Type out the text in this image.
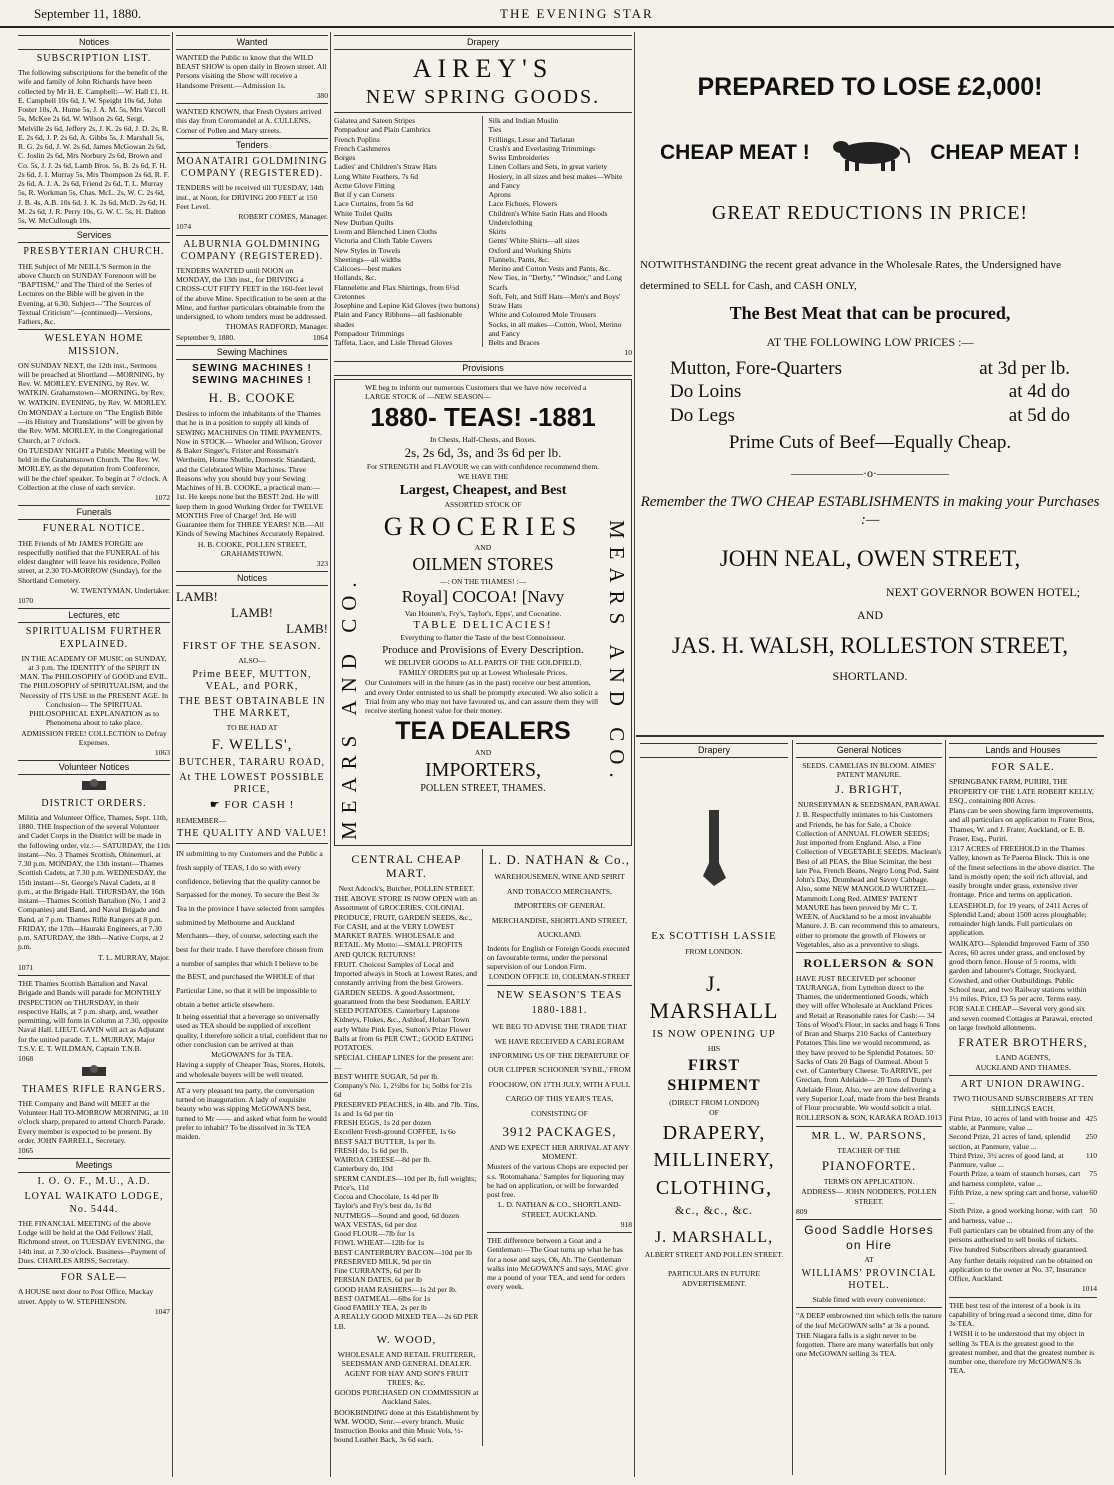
September 11, 1880.	THE EVENING STAR
Notices
SUBSCRIPTION LIST.

The following subscriptions for the benefit of the wife and family of John Richards have been collected by Mr H. E. Campbell:—W. Hall £1, H. E. Campbell 10s 6d, J. W. Speight 10s 6d, John Foster 10s, A. Hume 5s, J. A. M. 5s, Mrs Varcoll 5s, McKee 2s 6d, W. Wilson 2s 6d, Sergt. Melville 2s 6d, Jeffery 2s, J. K. 2s 6d, J. D. 2s, R. E. 2s 6d, J. P. 2s 6d, A. Gibbs 5s, J. Marshall 5s, R. G. 2s 6d, J. W. 2s 6d, James McGowan 2s 6d, C. Joslin 2s 6d, Mrs Norbury 2s 6d, Brown and Co. 5s, J. J. 2s 6d, Lamb Bros. 5s, B. 2s 6d, F. H. 2s 6d, J. I. Murray 5s, Mrs Thompson 2s 6d, R. F. 2s 6d, A. J. A. 2s 6d, Friend 2s 6d, T. L. Murray 5s, R. Workman 5s, Chas. McL. 2s, W. C. 2s 6d, J. B. 4s, A.B. 10s 6d, J. K. 2s 6d, McD. 2s 6d, H. M. 2s 6d, J. R. Perry 10s, G. W. C. 5s, H. Dalton 5s, W. McCullough 10s.

Services
PRESBYTERIAN CHURCH.

THE Subject of Mr NEILL'S Sermon in the above Church on SUNDAY Forenoon will be "BAPTISM," and The Third of the Series of Lectures on the Bible will be given in the Evening, at 6.30. Subject—"The Sources of Textual Criticism"—(continued)—Versions, Fathers, &c.

WESLEYAN HOME MISSION.

ON SUNDAY NEXT, the 12th inst., Sermons will be preached at Shortland —MORNING, by Rev. W. MORLEY. EVENING, by Rev. W. WATKIN. Grahamstown—MORNING, by Rev. W. WATKIN. EVENING, by Rev. W. MORLEY.

On MONDAY a Lecture on "The English Bible—its History and Translations" will be given by the Rev. WM. MORLEY, in the Congregational Church, at 7 o'clock.

On TUESDAY NIGHT a Public Meeting will be held in the Grahamstown Church. The Rev. W. MORLEY, as the deputation from Conference, will be the chief speaker. To begin at 7 o'clock. A Collection at the close of each service.

1072

Funerals
FUNERAL NOTICE.

THE Friends of Mr JAMES FORGIE are respectfully notified that the FUNERAL of his eldest daughter will leave his residence, Pollen street, at 2.30 TO-MORROW (Sunday), for the Shortland Cemetery.

W. TWENTYMAN, Undertaker.

1070

Lectures, etc
SPIRITUALISM FURTHER EXPLAINED.

IN THE ACADEMY OF MUSIC on SUNDAY, at 3 p.m. The IDENTITY of the SPIRIT IN MAN. The PHILOSOPHY of GOOD and EVIL. The PHILOSOPHY of SPIRITUALISM, and the Necessity of ITS USE in the PRESENT AGE. In Conclusion— The SPIRITUAL PHILOSOPHICAL EXPLANATION as to Phenomena about to take place.

ADMISSION FREE! COLLECTION to Defray Expenses.

1063

Volunteer Notices
DISTRICT ORDERS.

Militia and Volunteer Office, Thames, Sept. 11th, 1880. THE Inspection of the several Volunteer and Cadet Corps in the District will be made in the following order, viz.:— SATURDAY, the 11th instant—No. 3 Thames Scottish, Ohinemuri, at 7.30 p.m. MONDAY, the 13th instant—Thames Scottish Cadets, at 7.30 p.m. WEDNESDAY, the 15th instant—St. George's Naval Cadets, at 8 p.m., at the Brigade Hall. THURSDAY, the 16th instant—Thames Scottish Battalion (No. 1 and 2 Companies) and Band, and Naval Brigade and Band, at 7 p.m. Thames Rifle Rangers at 8 p.m. FRIDAY, the 17th—Hauraki Engineers, at 7.30 p.m. SATURDAY, the 18th—Native Corps, at 2 p.m.

T. L. MURRAY, Major.

1071

THE Thames Scottish Battalion and Naval Brigade and Bands will parade for MONTHLY INSPECTION on THURSDAY, in their respective Halls, at 7 p.m. sharp, and, weather permitting, will form in Column at 7.30, opposite Naval Hall. LIEUT. GAVIN will act as Adjutant for the united parade. T. L. MURRAY, Major T.S.V. E. T. WILDMAN, Captain T.N.B.

1068

THAMES RIFLE RANGERS.

THE Company and Band will MEET at the Volunteer Hall TO-MORROW MORNING, at 10 o'clock sharp, prepared to attend Church Parade. Every member is expected to be present. By order. JOHN FARRELL, Secretary.

1065

Meetings
I. O. O. F., M.U., A.D.
LOYAL WAIKATO LODGE, No. 5444.

THE FINANCIAL MEETING of the above Lodge will be held at the Odd Fellows' Hall, Richmond street, on TUESDAY EVENING, the 14th inst. at 7.30 o'clock. Business—Payment of Dues. CHARLES ARISS, Secretary.

FOR SALE—

A HOUSE next door to Post Office, Mackay street. Apply to W. STEPHENSON.

1047

Wanted

WANTED the Public to know that the WILD BEAST SHOW is open daily in Brown street. All Persons visiting the Show will receive a Handsome Present.—Admission 1s.

380

WANTED KNOWN, that Fresh Oysters arrived this day from Coromandel at A. CULLENS, Corner of Pollen and Mary streets.

Tenders
MOANATAIRI GOLDMINING COMPANY (REGISTERED).

TENDERS will be received till TUESDAY, 14th inst., at Noon, for DRIVING 200 FEET at 150 Feet Level.

ROBERT COMES, Manager.

1074

ALBURNIA GOLDMINING COMPANY (REGISTERED).

TENDERS WANTED until NOON on MONDAY, the 13th inst., for DRIVING a CROSS-CUT FIFTY FEET in the 160-feet level of the above Mine. Specification to be seen at the Mine, and further particulars obtainable from the undersigned, to whom tenders must be addressed.

THOMAS RADFORD, Manager.

September 9, 1880.	1064
Sewing Machines
SEWING MACHINES ! SEWING MACHINES !
H. B. COOKE

Desires to inform the inhabitants of the Thames that he is in a position to supply all kinds of SEWING MACHINES On TIME PAYMENTS. Now in STOCK— Wheeler and Wilson, Grover & Baker Singer's, Frister and Rossman's Wertheim, Home Shuttle, Domestic Standard, and the Celebrated White Machines. Three Reasons why you should buy your Sewing Machines of H. B. COOKE, a practical man:— 1st. He keeps none but the BEST! 2nd. He will keep them in good Working Order for TWELVE MONTHS Free of Charge! 3rd. He will Guarantee them for THREE YEARS! N.B.—All Kinds of Sewing Machines Accurately Repaired.

H. B. COOKE, POLLEN STREET, GRAHAMSTOWN.

323

Notices
LAMB!
LAMB!
LAMB!
FIRST OF THE SEASON.

ALSO—

Prime BEEF, MUTTON, VEAL, and PORK,
THE BEST OBTAINABLE IN THE MARKET,

TO BE HAD AT

F. WELLS',
BUTCHER, TARARU ROAD,
At THE LOWEST POSSIBLE PRICE,
☛ FOR CASH !

REMEMBER—

THE QUALITY AND VALUE!

IN submitting to my Customers and the Public a fresh supply of TEAS, I do so with every confidence, believing that the quality cannot be Surpassed for the money. To secure the Best 3s Tea in the province I have selected from samples submitted by Melbourne and Auckland Merchants—they, of course, selecting each the best for their trade. I have therefore chosen from a number of samples that which I believe to be the BEST, and purchased the WHOLE of that Particular Line, so that it will be impossible to obtain a better article elsewhere.

It being essential that a beverage so universally used as TEA should be supplied of excellent quality, I therefore solicit a trial, confident that no other conclusion can be arrived at than

McGOWAN'S for 3s TEA.

Having a supply of Cheaper Teas, Stores, Hotels, and wholesale buyers will be well treated.

AT a very pleasant tea party, the conversation turned on inauguration. A lady of exquisite beauty who was sipping McGOWAN'S best, turned to Mr —— and asked what form he would prefer to inhabit? To be dissolved in 3s TEA maiden.

Drapery
AIREY'S
NEW SPRING GOODS.
Galatea and Sateen Stripes
Pompadour and Plain Cambrics
French Poplins
French Cashmeres
Borges
Ladies' and Children's Straw Hats
Long White Feathers, 7s 6d
Acme Glove Fitting
But if y can Corsets
Lace Curtains, from 5s 6d
White Toilet Quilts
New Durban Quilts
Loom and Blenched Linen Cloths
Victoria and Cloth Table Covers
New Styles in Towels
Sheetings—all widths
Calicoes—best makes
Hollands, &c.
Flannelette and Flax Shirtings, from 6½d
Cretonnes
Josephine and Lepine Kid Gloves (two buttons)
Plain and Fancy Ribbons—all fashionable shades
Pompadour Trimmings
Taffeta, Lace, and Lisle Thread Gloves
Silk and Indian Muslin
Ties
Frillings, Lesse and Tarlatan
Crash's and Everlasting Trimmings
Swiss Embroideries
Linen Collars and Sets, in great variety
Hosiery, in all sizes and best makes—White and Fancy
Aprons
Lace Fichues, Flowers
Children's White Satin Hats and Hoods
Underclothing
Skirts
Gents' White Shirts—all sizes
Oxford and Working Shirts
Flannels, Pants, &c.
Merino and Cotton Vests and Pants, &c.
New Ties, in "Derby," "Windsor," and Long Scarfs
Soft, Felt, and Stiff Hats—Men's and Boys'
Straw Hats
White and Coloured Mole Trousers
Socks, in all makes—Cotton, Wool, Merino and Fancy
Belts and Braces

10

Provisions
MEARS AND CO.	MEARS AND CO.

WE beg to inform our numerous Customers that we have now received a LARGE STOCK of —NEW SEASON—

1880- TEAS! -1881

In Chests, Half-Chests, and Boxes.

2s, 2s 6d, 3s, and 3s 6d per lb.

For STRENGTH and FLAVOUR we can with confidence recommend them.

WE HAVE THE

Largest, Cheapest, and Best

ASSORTED STOCK OF

GROCERIES

AND

OILMEN STORES

—: ON THE THAMES! :—

Royal] COCOA! [Navy

Van Houten's, Fry's, Taylor's, Epps', and Cocoatine.

TABLE DELICACIES!

Everything to flatter the Taste of the best Connoisseur.

Produce and Provisions of Every Description.

WE DELIVER GOODS to ALL PARTS OF THE GOLDFIELD.

FAMILY ORDERS put up at Lowest Wholesale Prices.

Our Customers will in the future (as in the past) receive our best attention, and every Order entrusted to us shall be promptly executed. We also solicit a Trial from any who may not have favoured us, and can assure them they will receive sterling honest value for their money.

TEA DEALERS

AND

IMPORTERS,
POLLEN STREET, THAMES.
CENTRAL CHEAP MART.

Next Adcock's, Butcher, POLLEN STREET.

THE ABOVE STORE IS NOW OPEN with an Assortment of GROCERIES, COLONIAL PRODUCE, FRUIT, GARDEN SEEDS, &c., For CASH, and at the VERY LOWEST MARKET RATES. WHOLESALE and RETAIL. My Motto:—SMALL PROFITS AND QUICK RETURNS!

FRUIT. Choicest Samples of Local and Imported always in Stock at Lowest Rates, and constantly arriving from the best Growers. GARDEN SEEDS. A good Assortment, guaranteed from the best Seedsmen. EARLY SEED POTATOES. Canterbury Lapstone Kidneys, Flukes, &c., Ashleaf, Hobart Town early White Pink Eyes, Sutton's Prize Flower Balls at from 6s PER CWT.; GOOD EATING POTATOES.

SPECIAL CHEAP LINES for the present are:—
BEST WHITE SUGAR, 5d per lb.
Company's No. 1, 2½lbs for 1s; 5olbs for 21s 6d
PRESERVED PEACHES, in 4lb. and 7lb. Tins, 1s and 1s 6d per tin
FRESH EGGS, 1s 2d per dozen
Excellent Fresh-ground COFFEE, 1s 6o
BEST SALT BUTTER, 1s per lb.
FRESH do, 1s 6d per lb.
WAIROA CHEESE—8d per lb.
Canterbury do, 10d
SPERM CANDLES—10d per lb, full weights; Price's, 11d
Cocoa and Chocolate, 1s 4d per lb
Taylor's and Fry's best do, 1s 8d
NUTMEGS—Sound and good, 6d dozen
WAX VESTAS, 6d per doz
Good FLOUR—7lb for 1s
FOWL WHEAT—12lb for 1s
BEST CANTERBURY BACON—10d per lb
PRESERVED MILK, 9d per tin
Fine CURRANTS, 6d per lb
PERSIAN DATES, 6d per lb
GOOD HAM RASHERS—1s 2d per lb.
BEST OATMEAL—6lbs for 1s
Good FAMILY TEA, 2s per lb
A REALLY GOOD MIXED TEA—2s 6D PER LB.
W. WOOD,

WHOLESALE AND RETAIL FRUITERER, SEEDSMAN AND GENERAL DEALER. AGENT FOR HAY AND SON'S FRUIT TREES, &c.

GOODS PURCHASED ON COMMISSION at Auckland Sales.

BOOKBINDING done at this Establishment by WM. WOOD, Senr.—every branch. Music Instruction Books and thin Music Vols, ½-bound Leather Back, 3s 6d each.

L. D. NATHAN & Co.,

WAREHOUSEMEN, WINE AND SPIRIT AND TOBACCO MERCHANTS, IMPORTERS OF GENERAL MERCHANDISE, SHORTLAND STREET, AUCKLAND.

Indents for English or Foreign Goods executed on favourable terms, under the personal supervision of our London Firm.

LONDON OFFICE 10, COLEMAN-STREET

NEW SEASON'S TEAS
1880-1881.

WE BEG TO ADVISE THE TRADE THAT WE HAVE RECEIVED A CABLEGRAM INFORMING US OF THE DEPARTURE OF OUR CLIPPER SCHOONER 'SYBIL,' FROM FOOCHOW, ON 17TH JULY, WITH A FULL CARGO OF THIS YEAR'S TEAS, CONSISTING OF

3912 PACKAGES,

AND WE EXPECT HER ARRIVAL AT ANY MOMENT.

Musters of the various Chops are expected per s.s. 'Rotomahana.' Samples for liquoring may be had on application, or will be forwarded post free.

L. D. NATHAN & CO., SHORTLAND-STREET, AUCKLAND.

918

THE difference between a Goat and a Gentleman:—The Goat turns up what he has for a nose and says, Oh, Ah. The Gentleman walks into McGOWAN'S and says, MAC give me a pound of your TEA, and send for orders every week.

PREPARED TO LOSE £2,000!
CHEAP MEAT !	CHEAP MEAT !
GREAT REDUCTIONS IN PRICE!

NOTWITHSTANDING the recent great advance in the Wholesale Rates, the Undersigned have determined to SELL for Cash, and CASH ONLY,

The Best Meat that can be procured,

AT THE FOLLOWING LOW PRICES :—

Mutton, Fore-Quarters	at 3d per lb.
Do Loins	at 4d do
Do Legs	at 5d do
Prime Cuts of Beef—Equally Cheap.
——————·o·——————
Remember the TWO CHEAP ESTABLISHMENTS in making your Purchases :—
JOHN NEAL, OWEN STREET,

NEXT GOVERNOR BOWEN HOTEL;

AND

JAS. H. WALSH, ROLLESTON STREET,

SHORTLAND.

Drapery
Ex SCOTTISH LASSIE

FROM LONDON.

J. MARSHALL
IS NOW OPENING UP

HIS

FIRST SHIPMENT

(DIRECT FROM LONDON)

OF

DRAPERY,
MILLINERY,
CLOTHING,
&c., &c., &c.
J. MARSHALL,

ALBERT STREET AND POLLEN STREET.

PARTICULARS IN FUTURE ADVERTISEMENT.

General Notices

SEEDS. CAMELIAS IN BLOOM. AIMES' PATENT MANURE.

J. BRIGHT,

NURSERYMAN & SEEDSMAN, PARAWAI.

J. B. Respectfully intimates to his Customers and Friends, he has for Sale, a Choice Collection of ANNUAL FLOWER SEEDS; Just imported from England. Also, a Fine Collection of VEGETABLE SEEDS. Maclean's Best of all PEAS, the Blue Scimitar, the best late Pea, French Beans, Negro Long Pod, Saint John's Day, Drumhead and Savoy Cabbage. Also, some NEW MANGOLD WURTZEL—Mammoth Long Red. AIMES' PATENT MANURE has been proved by Mr C. T. WEEN, of Auckland to be a most invaluable Manure. J. B. can recommend this to amateurs, either to promote the growth of Flowers or Vegetables, also as a preventive to slugs.

ROLLERSON & SON

HAVE JUST RECEIVED per schooner TAURANGA, from Lyttelton direct to the Thames, the undermentioned Goods, which they will offer Wholesale at Auckland Prices and Retail at Reasonable rates for Cash:— 34 Tons of Wood's Flour, in sacks and bags 6 Tons of Bran and Sharps 210 Sacks of Canterbury Potatoes This line we would recommend, as they have proved to be Splendid Potatoes. 50 Sacks of Oats 20 Bags of Oatmeal. About 5 cwt. of Canterbury Cheese. To ARRIVE, per Grecian, from Adelaide— 20 Tons of Dunn's Adelaide Flour. Also, we are now delivering a very Superior Loaf, made from the best Brands of Flour procurable. We would solicit a trial.

ROLLERSON & SON, KARAKA ROAD. 1013
MR L. W. PARSONS,

TEACHER OF THE

PIANOFORTE.

TERMS ON APPLICATION.

ADDRESS— JOHN NODDER'S, POLLEN STREET.

809

Good Saddle Horses on Hire

AT

WILLIAMS' PROVINCIAL HOTEL.

Stable fitted with every convenience.

"A DEEP embrowned tint which tells the nature of the leaf McGOWAN sells" at 3s a pound.

THE Niagara falls is a sight never to be forgotten. There are many waterfalls but only one McGOWAN selling 3s TEA.

Lands and Houses
FOR SALE.

SPRINGBANK FARM, PURIRI, THE PROPERTY OF THE LATE ROBERT KELLY, ESQ., containing 800 Acres.

Plans can be seen showing farm improvements, and all particulars on application to Frater Bros, Thames, W. and J. Frater, Auckland, or E. B. Fraser, Esq., Puriri.

1317 ACRES of FREEHOLD in the Thames Valley, known as Te Paeroa Block. This is one of the finest selections in the above district. The land is mostly open; the soil rich alluvial, and easily brought under grass, extensive river frontage. Price and terms on application.

LEASEHOLD, for 19 years, of 2411 Acres of Splendid Land; about 1500 acres ploughable; remainder high lands. Full particulars on application.

WAIKATO—Splendid Improved Farm of 350 Acres, 60 acres under grass, and enclosed by good thorn fence. House of 5 rooms, with garden and labourer's Cottage, Stockyard, Cowshed, and other Outbuildings. Public School near, and two Railway stations within 1½ miles. Price, £3 5s per acre. Terms easy.

FOR SALE CHEAP—Several very good six and seven roomed Cottages at Parawai, erected on large freehold allotments.

FRATER BROTHERS,

LAND AGENTS,

AUCKLAND AND THAMES.

ART UNION DRAWING.

TWO THOUSAND SUBSCRIBERS AT TEN SHILLINGS EACH.

First Prize, 10 acres of land with house and stable, at Panmure, value ...
425
Second Prize, 21 acres of land, splendid section, at Panmure, value ...
250
Third Prize, 3½ acres of good land, at Panmure, value ...
110
Fourth Prize, a team of staunch horses, cart and harness complete, value ...
75
Fifth Prize, a new spring cart and horse, value ...
60
Sixth Prize, a good working horse, with cart and harness, value ...
50

Full particulars can be obtained from any of the persons authorised to sell books of tickets.

Five hundred Subscribers already guaranteed.

Any further details required can be obtained on application to the owner at No. 37, Insurance Office, Auckland.

1014

THE best test of the interest of a book is its capability of bring read a second time, ditto for 3s TEA.

I WISH it to be understood that my object in selling 3s TEA is the greatest good to the greatest number, and that the greatest number is number one, therefore try McGOWAN'S 3s TEA.
